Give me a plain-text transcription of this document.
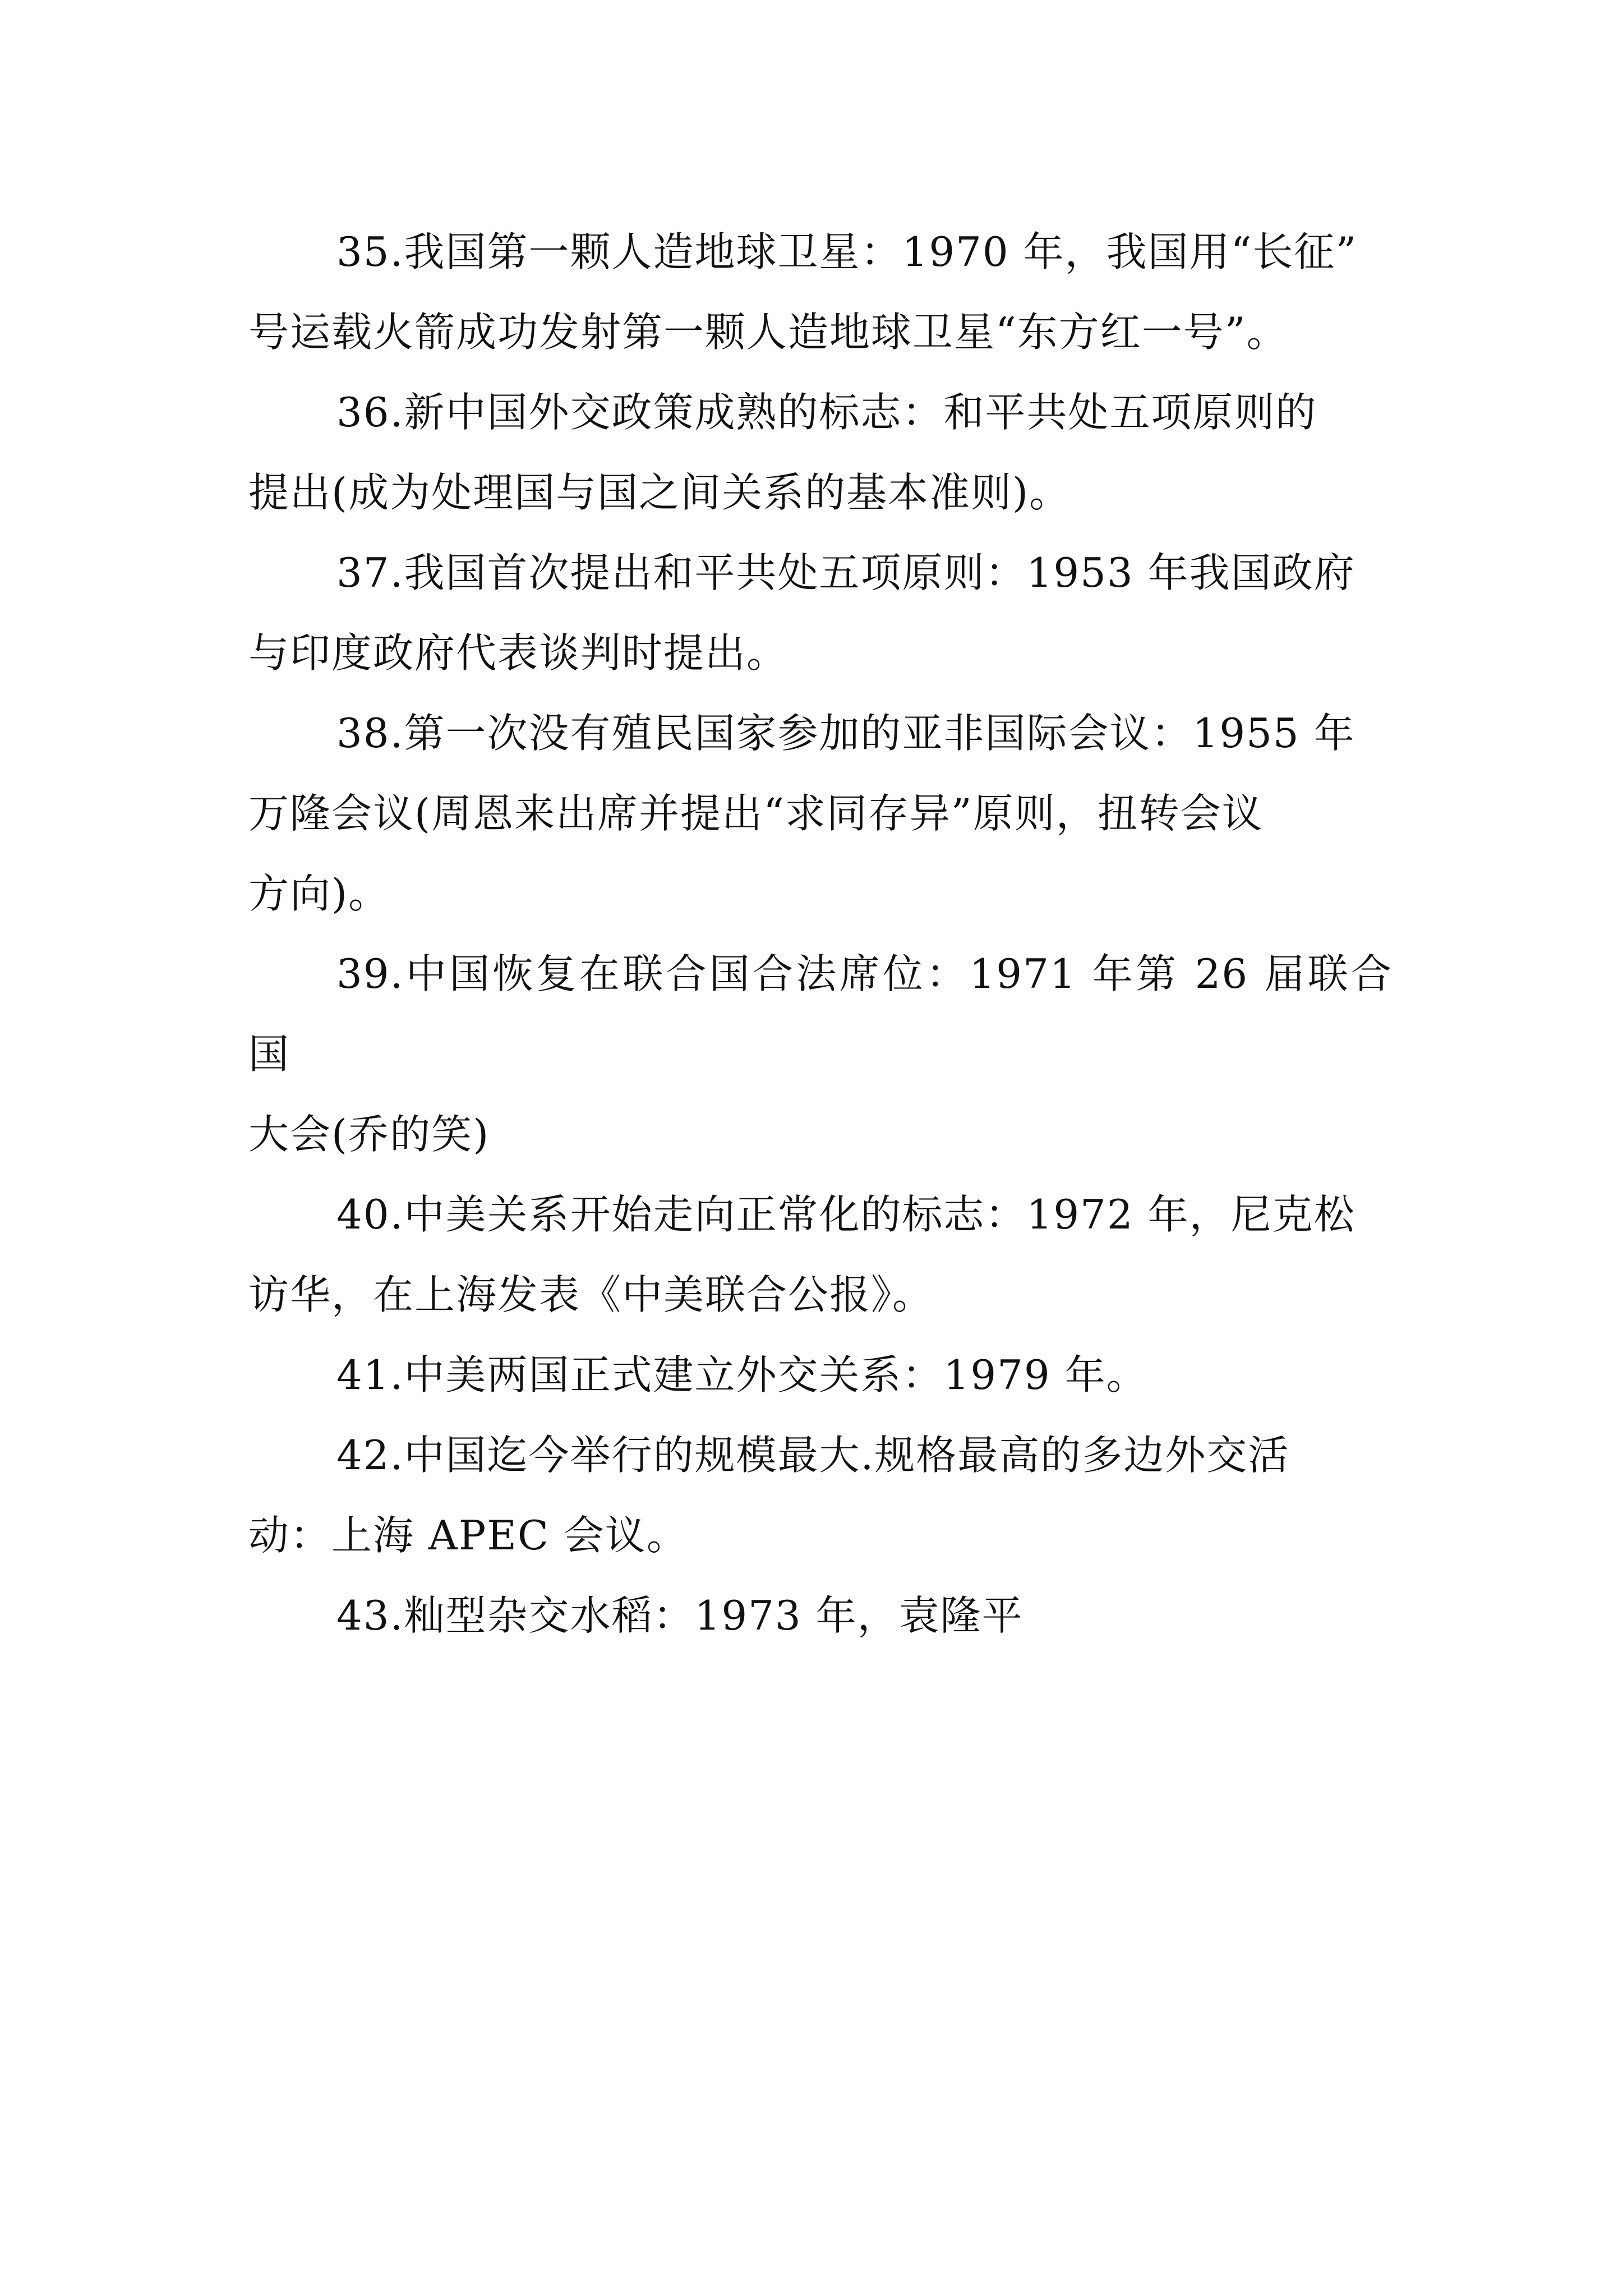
35.我国第一颗人造地球卫星：1970 年，我国用“长征”
号运载火箭成功发射第一颗人造地球卫星“东方红一号”。

36.新中国外交政策成熟的标志：和平共处五项原则的
提出(成为处理国与国之间关系的基本准则)。

37.我国首次提出和平共处五项原则：1953 年我国政府
与印度政府代表谈判时提出。

38.第一次没有殖民国家参加的亚非国际会议：1955 年
万隆会议(周恩来出席并提出“求同存异”原则，扭转会议
方向)。

39.中国恢复在联合国合法席位：1971 年第 26 届联合国
大会(乔的笑)

40.中美关系开始走向正常化的标志：1972 年，尼克松
访华，在上海发表《中美联合公报》。

41.中美两国正式建立外交关系：1979 年。

42.中国迄今举行的规模最大.规格最高的多边外交活
动：上海 APEC 会议。

43.籼型杂交水稻：1973 年，袁隆平
